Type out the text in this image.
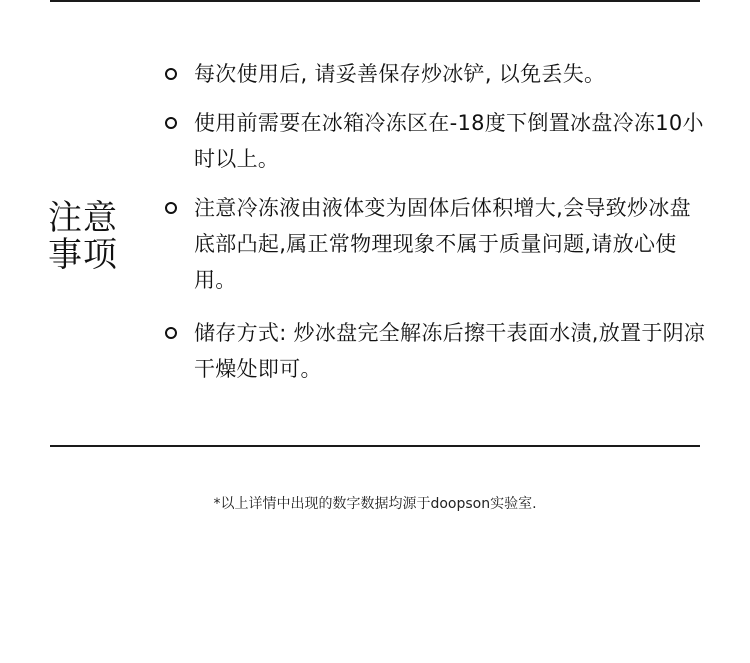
注意
事项
每次使用后, 请妥善保存炒冰铲, 以免丢失。
使用前需要在冰箱冷冻区在-18度下倒置冰盘冷冻10小时以上。
注意冷冻液由液体变为固体后体积增大,会导致炒冰盘底部凸起,属正常物理现象不属于质量问题,请放心使用。
储存方式: 炒冰盘完全解冻后擦干表面水渍,放置于阴凉干燥处即可。

*以上详情中出现的数字数据均源于doopson实验室.
